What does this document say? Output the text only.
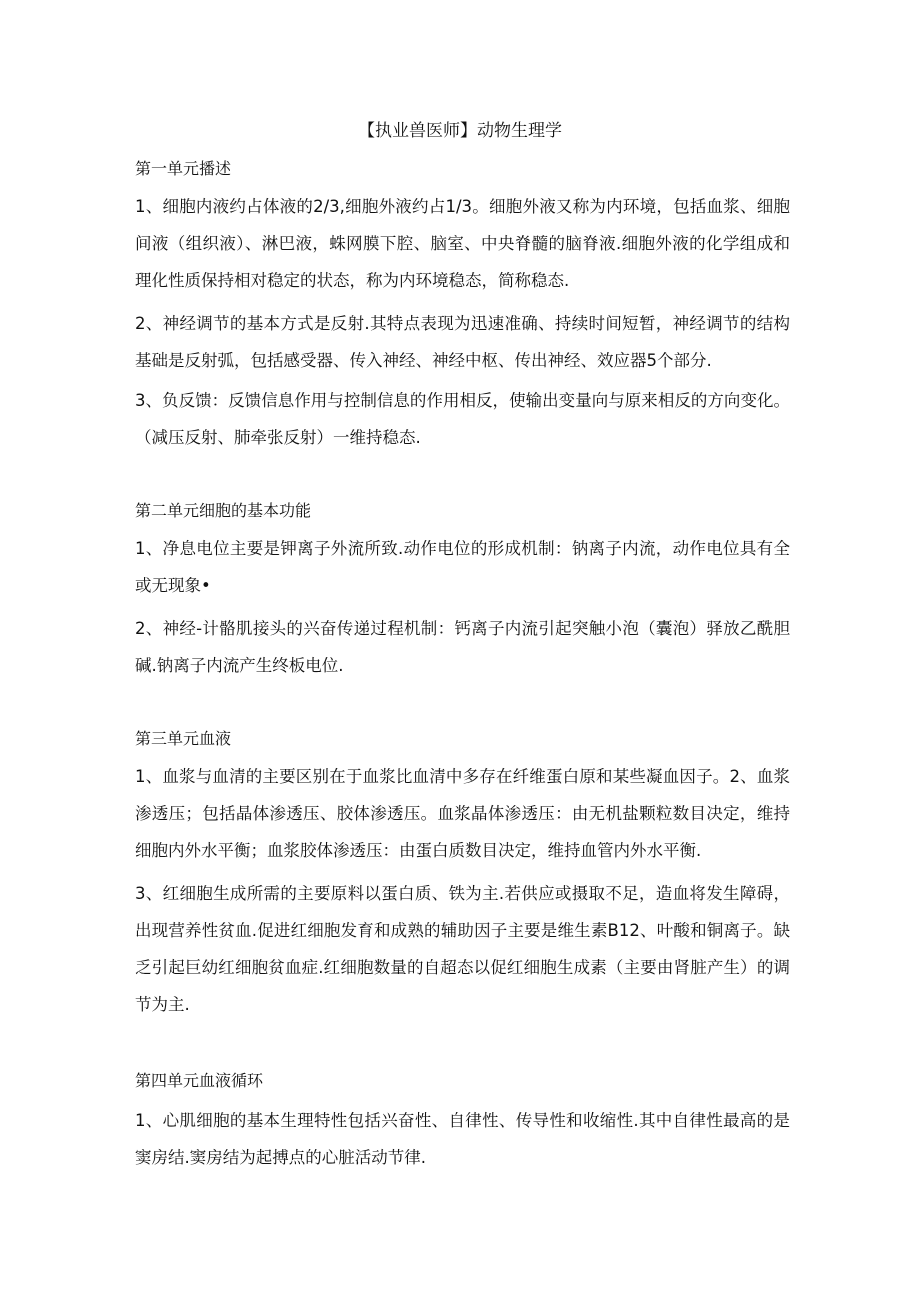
【执业兽医师】动物生理学
第一单元播述
1、细胞内液约占体液的2/3,细胞外液约占1/3。细胞外液又称为内环境，包括血浆、细胞间液（组织液）、淋巴液，蛛网膜下腔、脑室、中央脊髓的脑脊液.细胞外液的化学组成和理化性质保持相对稳定的状态，称为内环境稳态，简称稳态.
2、神经调节的基本方式是反射.其特点表现为迅速准确、持续时间短暂，神经调节的结构基础是反射弧，包括感受器、传入神经、神经中枢、传出神经、效应器5个部分.
3、负反馈：反馈信息作用与控制信息的作用相反，使输出变量向与原来相反的方向变化。（减压反射、肺牵张反射）一维持稳态.
第二单元细胞的基本功能
1、净息电位主要是钾离子外流所致.动作电位的形成机制：钠离子内流，动作电位具有全或无现象•
2、神经-计骼肌接头的兴奋传递过程机制：钙离子内流引起突触小泡（囊泡）驿放乙酰胆碱.钠离子内流产生终板电位.
第三单元血液
1、血浆与血清的主要区别在于血浆比血清中多存在纤维蛋白原和某些凝血因子。2、血浆渗透压；包括晶体渗透压、胶体渗透压。血浆晶体渗透压：由无机盐颗粒数目决定，维持细胞内外水平衡；血浆胶体渗透压：由蛋白质数目决定，维持血管内外水平衡.
3、红细胞生成所需的主要原料以蛋白质、铁为主.若供应或摄取不足，造血将发生障碍，出现营养性贫血.促进红细胞发育和成熟的辅助因子主要是维生素B12、叶酸和铜离子。缺乏引起巨幼红细胞贫血症.红细胞数量的自超态以促红细胞生成素（主要由肾脏产生）的调节为主.
第四单元血液循环
1、心肌细胞的基本生理特性包括兴奋性、自律性、传导性和收缩性.其中自律性最高的是窦房结.窦房结为起搏点的心脏活动节律.
